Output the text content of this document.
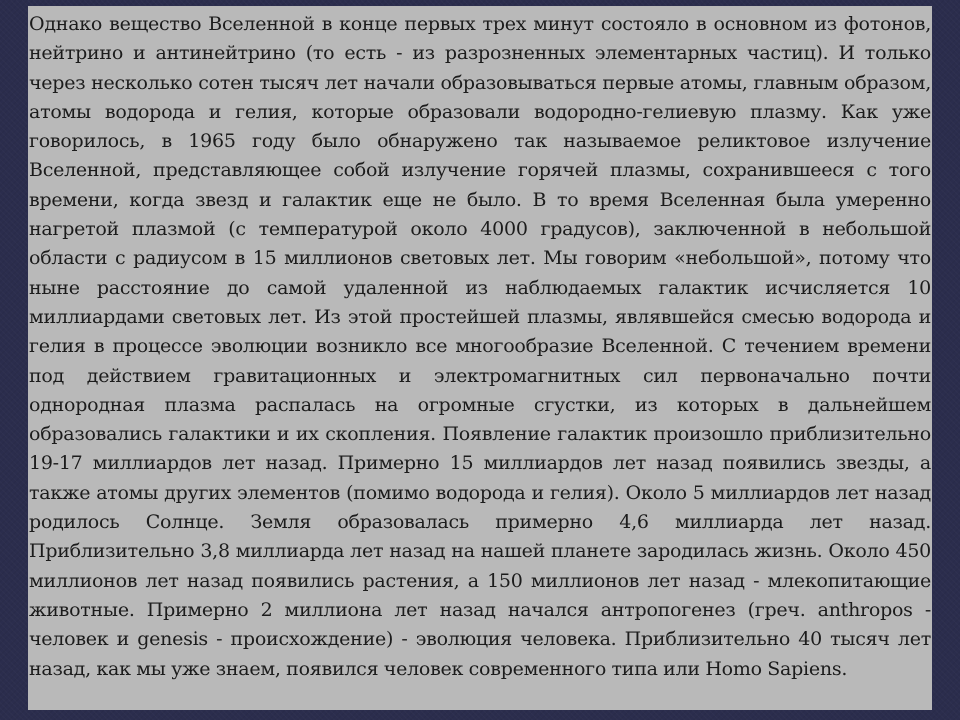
Однако вещество Вселенной в конце первых трех минут состояло в основном из фотонов, нейтрино и антинейтрино (то есть - из разрозненных элементарных частиц). И только через несколько сотен тысяч лет начали образовываться первые атомы, главным образом, атомы водорода и гелия, которые образовали водородно-гелиевую плазму. Как уже говорилось, в 1965 году было обнаружено так называемое реликтовое излучение Вселенной, представляющее собой излучение горячей плазмы, сохранившееся с того времени, когда звезд и галактик еще не было. В то время Вселенная была умеренно нагретой плазмой (с температурой около 4000 градусов), заключенной в небольшой области с радиусом в 15 миллионов световых лет. Мы говорим «небольшой», потому что ныне расстояние до самой удаленной из наблюдаемых галактик исчисляется 10 миллиардами световых лет. Из этой простейшей плазмы, являвшейся смесью водорода и гелия в процессе эволюции возникло все многообразие Вселенной. С течением времени под действием гравитационных и электромагнитных сил первоначально почти однородная плазма распалась на огромные сгустки, из которых в дальнейшем образовались галактики и их скопления. Появление галактик произошло приблизительно 19-17 миллиардов лет назад. Примерно 15 миллиардов лет назад появились звезды, а также атомы других элементов (помимо водорода и гелия). Около 5 миллиардов лет назад родилось Солнце. Земля образовалась примерно 4,6 миллиарда лет назад. Приблизительно 3,8 миллиарда лет назад на нашей планете зародилась жизнь. Около 450 миллионов лет назад появились растения, а 150 миллионов лет назад - млекопитающие животные. Примерно 2 миллиона лет назад начался антропогенез (греч. anthropos - человек и genesis - происхождение) - эволюция человека. Приблизительно 40 тысяч лет назад, как мы уже знаем, появился человек современного типа или Homo Sapiens.
